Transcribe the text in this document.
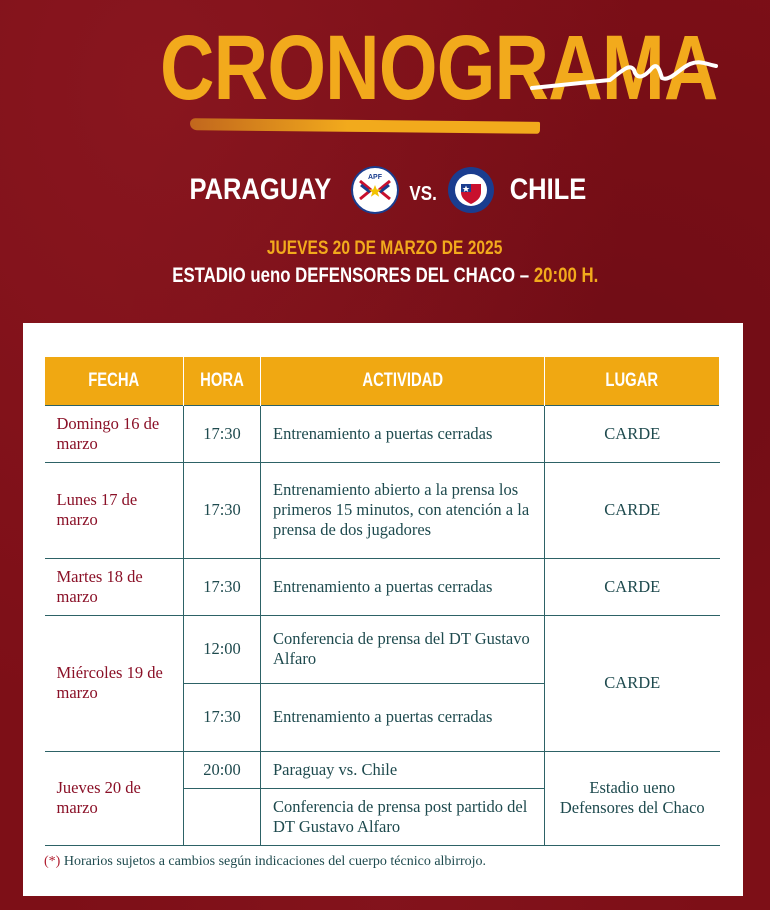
CRONOGRAMA
PARAGUAY	APF
VS. CHILE
JUEVES 20 DE MARZO DE 2025
ESTADIO ueno DEFENSORES DEL CHACO – 20:00 H.
FECHA	HORA	ACTIVIDAD	LUGAR
Domingo 16 de marzo	17:30	Entrenamiento a puertas cerradas	CARDE
Lunes 17 de marzo	17:30	Entrenamiento abierto a la prensa los primeros 15 minutos, con atención a la prensa de dos jugadores	CARDE
Martes 18 de marzo	17:30	Entrenamiento a puertas cerradas	CARDE
Miércoles 19 de marzo	12:00	Conferencia de prensa del DT Gustavo Alfaro	CARDE
	17:30	Entrenamiento a puertas cerradas	
Jueves 20 de marzo	20:00	Paraguay vs. Chile	Estadio ueno Defensores del Chaco
		Conferencia de prensa post partido del DT Gustavo Alfaro	
(*) Horarios sujetos a cambios según indicaciones del cuerpo técnico albirrojo.
